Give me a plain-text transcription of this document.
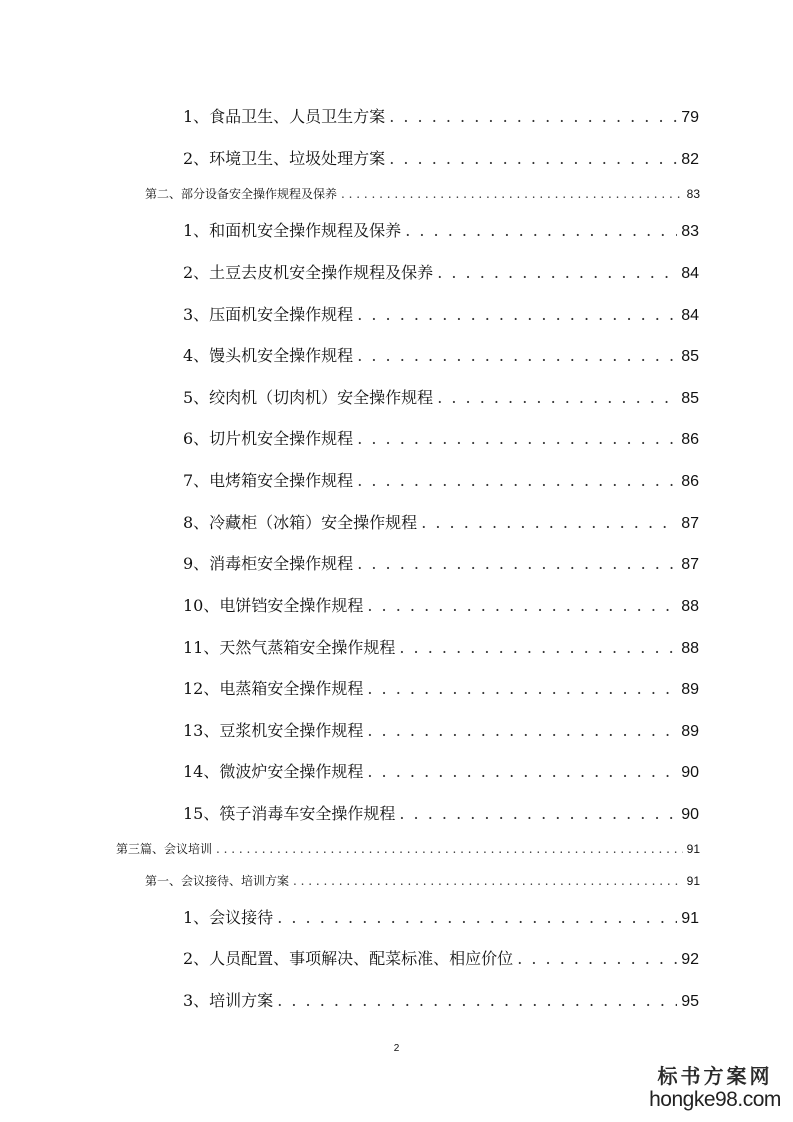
1、食品卫生、人员卫生方案 . . .	79
2、环境卫生、垃圾处理方案 . . .	82
第二、部分设备安全操作规程及保养 . . .	83
1、和面机安全操作规程及保养 . . .	83
2、土豆去皮机安全操作规程及保养 . . .	84
3、压面机安全操作规程 . . .	84
4、馒头机安全操作规程 . . .	85
5、绞肉机（切肉机）安全操作规程 . . .	85
6、切片机安全操作规程 . . .	86
7、电烤箱安全操作规程 . . .	86
8、冷藏柜（冰箱）安全操作规程 . . .	87
9、消毒柜安全操作规程 . . .	87
10、电饼铛安全操作规程 . . .	88
11、天然气蒸箱安全操作规程 . . .	88
12、电蒸箱安全操作规程 . . .	89
13、豆浆机安全操作规程 . . .	89
14、微波炉安全操作规程 . . .	90
15、筷子消毒车安全操作规程 . . .	90
第三篇、会议培训 . . .	91
第一、会议接待、培训方案 . . .	91
1、会议接待 . . .	91
2、人员配置、事项解决、配菜标准、相应价位 . . .	92
3、培训方案 . . .	95
2
标书方案网
hongke98.com
